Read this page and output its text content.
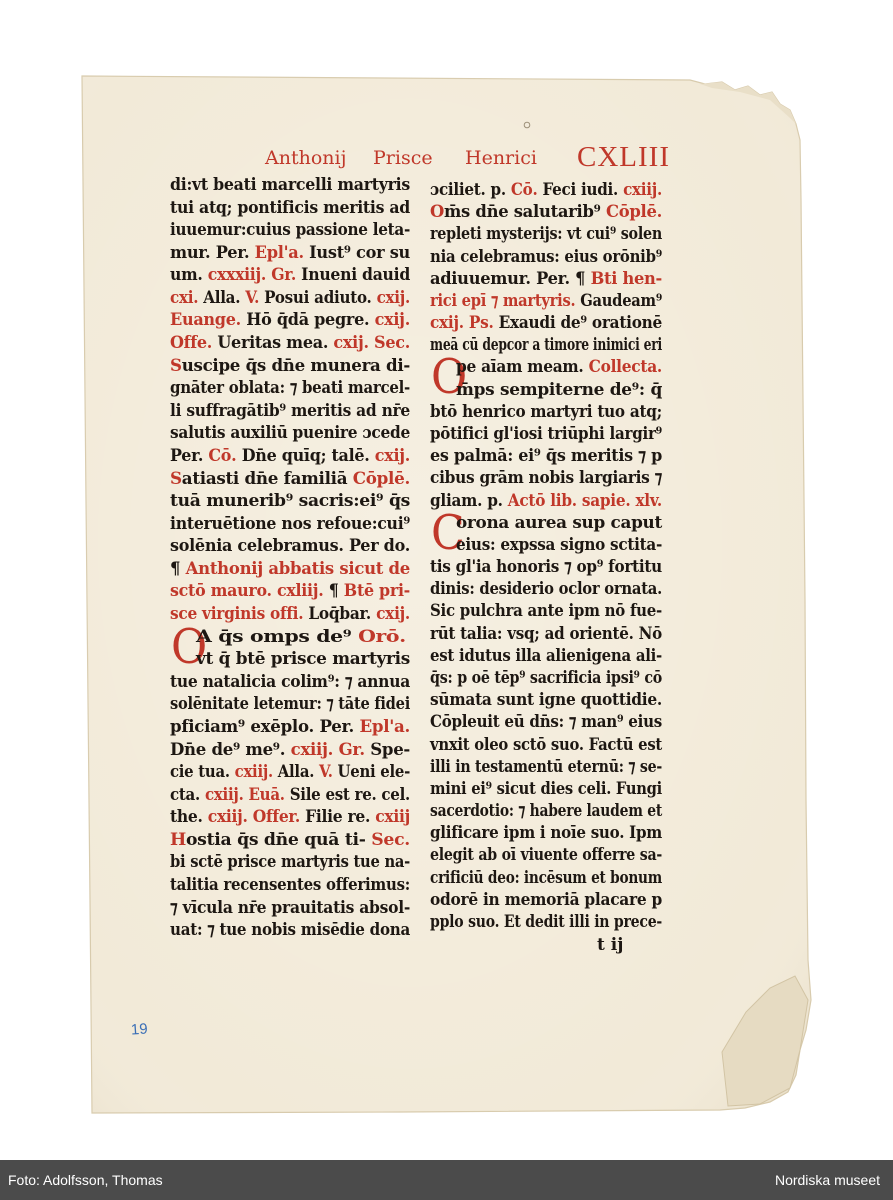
Anthonij Prisce Henrici CXLIII
di:vt beati marcelli martyris
tui atq; pontificis meritis ad
iuuemur:cuius passione leta-
mur. Per. Epl'a. Iust⁹ cor su
um. cxxxiij. Gr. Inueni dauid
cxi. Alla. V. Posui adiuto. cxij.
Euange. Hō q̄dā pegre. cxij.
Offe. Ueritas mea. cxij. Sec.
Suscipe q̄s dn̄e munera di-
gnāter oblata: ⁊ beati marcel-
li suffragātib⁹ meritis ad nr̄e
salutis auxiliū puenire ɔcede
Per. Cō. Dn̄e quīq; talē. cxij.
Satiasti dn̄e familiā Cōplē.
tuā munerib⁹ sacris:ei⁹ q̄s
interuētione nos refoue:cui⁹
solēnia celebramus. Per do.
¶ Anthonij abbatis sicut de
sctō mauro. cxliij. ¶ Btē pri-
sce virginis offi. Loq̄bar. cxij.
O
A q̄s omps de⁹ Orō.
vt q̄ btē prisce martyris
tue natalicia colim⁹: ⁊ annua
solēnitate letemur: ⁊ tāte fidei
pficiam⁹ exēplo. Per. Epl'a.
Dn̄e de⁹ me⁹. cxiij. Gr. Spe-
cie tua. cxiij. Alla. V. Ueni ele-
cta. cxiij. Euā. Sile est re. cel.
the. cxiij. Offer. Filie re. cxiij
Hostia q̄s dn̄e quā ti- Sec.
bi sctē prisce martyris tue na-
talitia recensentes offerimus:
⁊ vīcula nr̄e prauitatis absol-
uat: ⁊ tue nobis misēdie dona
ɔciliet. p. Cō. Feci iudi. cxiij.
Om̄s dn̄e salutarib⁹ Cōplē.
repleti mysterijs: vt cui⁹ solen
nia celebramus: eius orōnib⁹
adiuuemur. Per. ¶ Bti hen-
rici epī ⁊ martyris. Gaudeam⁹
cxij. Ps. Exaudi de⁹ orationē
meā cū depcor a timore inimici eri
O
pe aīam meam. Collecta.
m̄ps sempiterne de⁹: q̄
btō henrico martyri tuo atq;
pōtifici gl'iosi triūphi largir⁹
es palmā: ei⁹ q̄s meritis ⁊ p
cibus grām nobis largiaris ⁊
gliam. p. Actō lib. sapie. xlv.
C
orona aurea sup caput
eius: expssa signo sctita-
tis gl'ia honoris ⁊ op⁹ fortitu
dinis: desiderio oclor ornata.
Sic pulchra ante ipm nō fue-
rūt talia: vsq; ad orientē. Nō
est idutus illa alienigena ali-
q̄s: p oē tēp⁹ sacrificia ipsi⁹ cō
sūmata sunt igne quottidie.
Cōpleuit eū dn̄s: ⁊ man⁹ eius
vnxit oleo sctō suo. Factū est
illi in testamentū eternū: ⁊ se-
mini ei⁹ sicut dies celi. Fungi
sacerdotio: ⁊ habere laudem et
glificare ipm i noīe suo. Ipm
elegit ab oī viuente offerre sa-
crificiū deo: incēsum et bonum
odorē in memoriā placare p
pplo suo. Et dedit illi in prece-
t ij
19
Foto: Adolfsson, Thomas	Nordiska museet
